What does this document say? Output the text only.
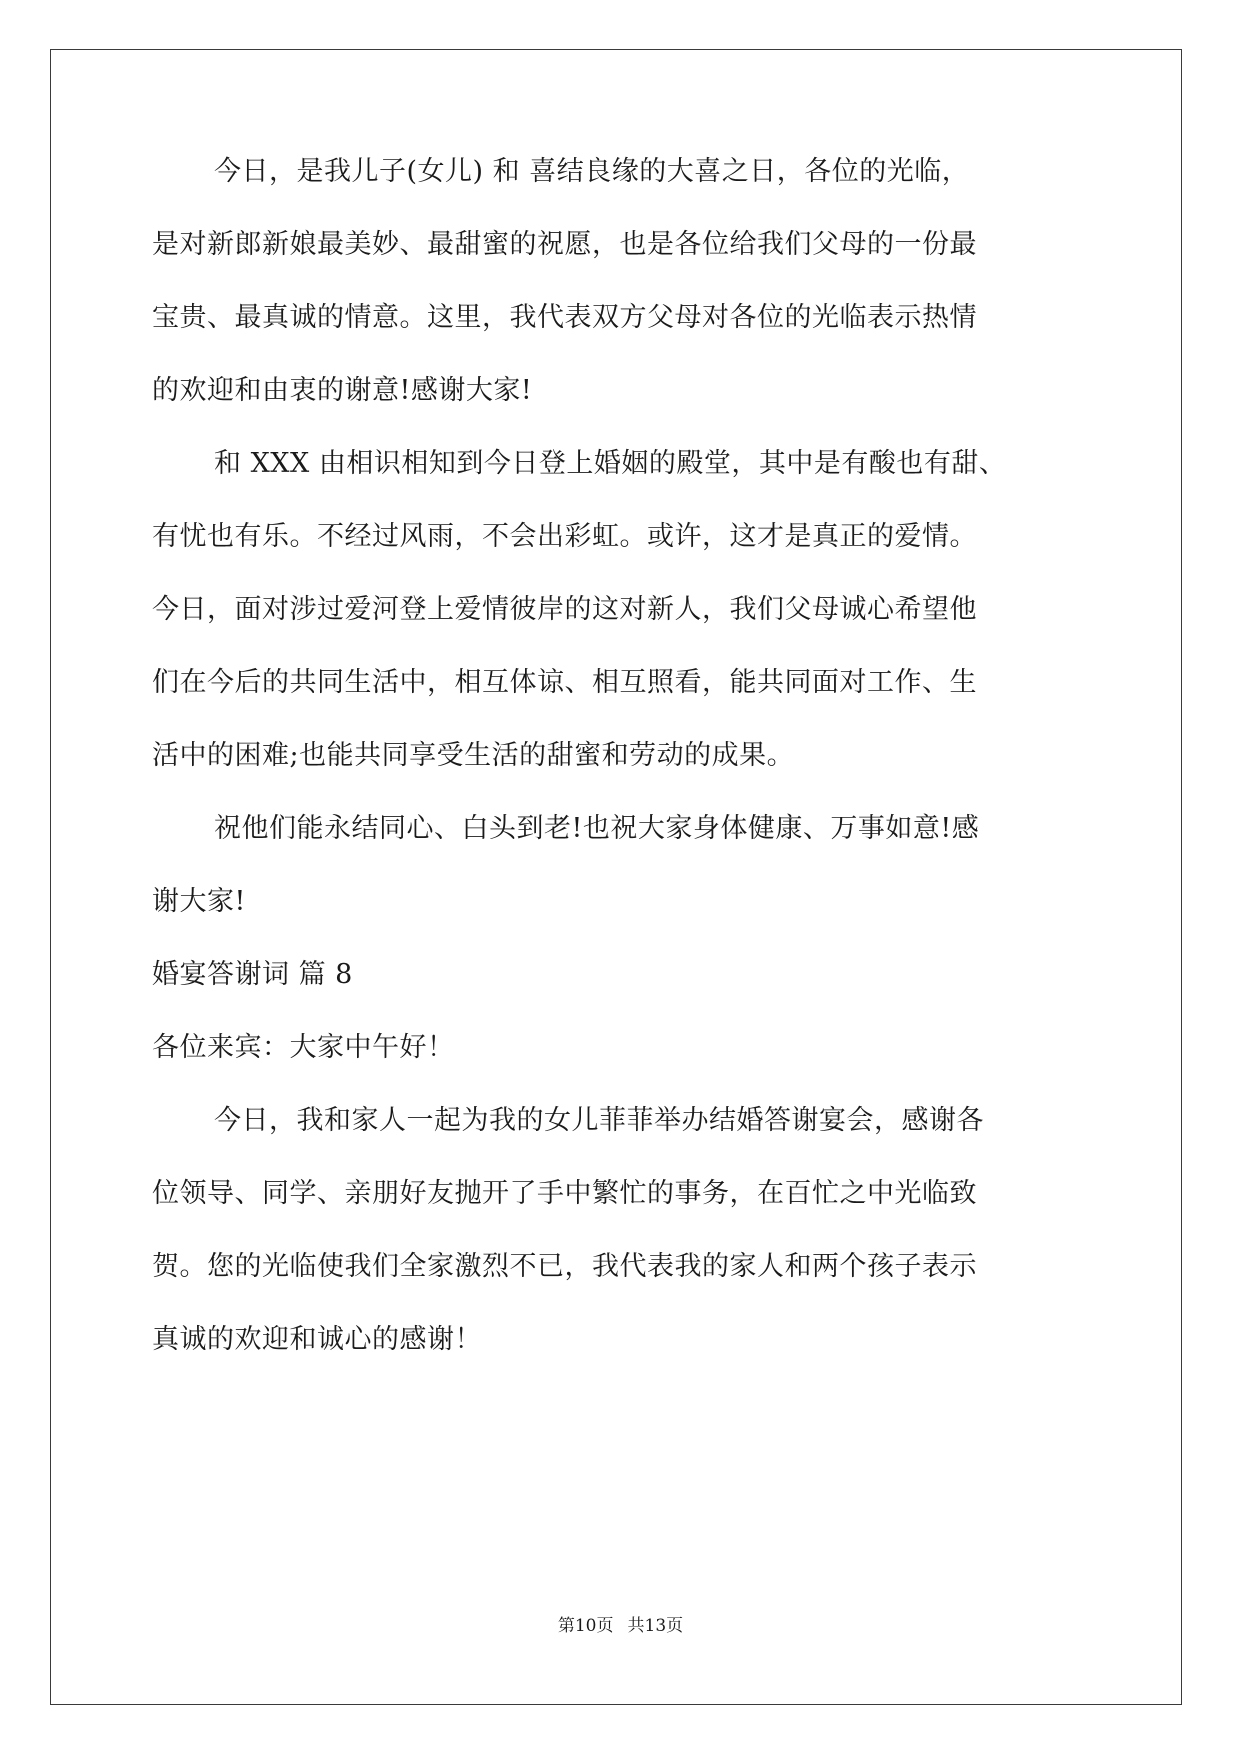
今日，是我儿子(女儿) 和 喜结良缘的大喜之日，各位的光临，
是对新郎新娘最美妙、最甜蜜的祝愿，也是各位给我们父母的一份最
宝贵、最真诚的情意。这里，我代表双方父母对各位的光临表示热情
的欢迎和由衷的谢意!感谢大家!
和 XXX 由相识相知到今日登上婚姻的殿堂，其中是有酸也有甜、
有忧也有乐。不经过风雨，不会出彩虹。或许，这才是真正的爱情。
今日，面对涉过爱河登上爱情彼岸的这对新人，我们父母诚心希望他
们在今后的共同生活中，相互体谅、相互照看，能共同面对工作、生
活中的困难;也能共同享受生活的甜蜜和劳动的成果。
祝他们能永结同心、白头到老!也祝大家身体健康、万事如意!感
谢大家!
婚宴答谢词 篇 8
各位来宾：大家中午好！
今日，我和家人一起为我的女儿菲菲举办结婚答谢宴会，感谢各
位领导、同学、亲朋好友抛开了手中繁忙的事务，在百忙之中光临致
贺。您的光临使我们全家激烈不已，我代表我的家人和两个孩子表示
真诚的欢迎和诚心的感谢！
第10页 共13页
